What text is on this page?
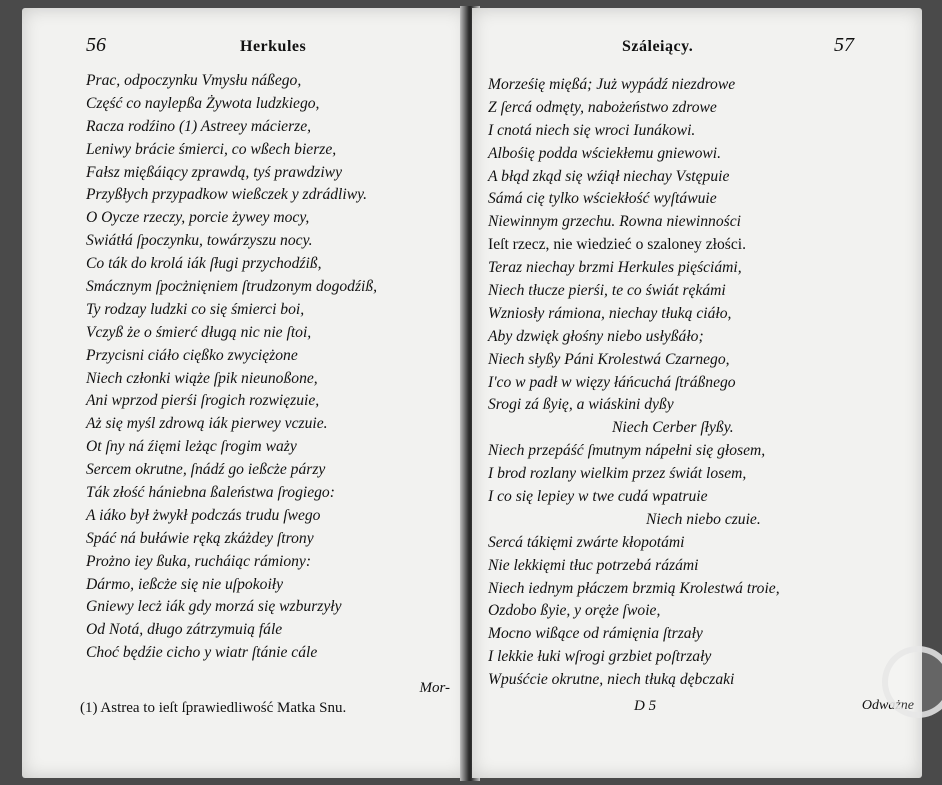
56	Herkules
Prac, odpoczynku Vmysłu náßego,
Część co naylepßa Żywota ludzkiego,
Racza rodźino (1) Astreey mácierze,
Leniwy brácie śmierci, co wßech bierze,
Fałsz mięßáiący zprawdą, tyś prawdziwy
Przyßłych przypadkow wießczek y zdrádliwy.
O Oycze rzeczy, porcie żywey mocy,
Swiátłá ſpoczynku, towárzyszu nocy.
Co ták do krolá iák ſługi przychodźiß,
Smácznym ſpocżnięniem ſtrudzonym dogodźiß,
Ty rodzay ludzki co się śmierci boi,
Vczyß że o śmierć długą nic nie ſtoi,
Przycisni ciáło cięßko zwyciężone
Niech członki wiąże ſpik nieunoßone,
Ani wprzod pierśi ſrogich rozwięzuie,
Aż się myśl zdrową iák pierwey vczuie.
Ot ſny ná źięmi leżąc ſrogim waży
Sercem okrutne, ſnádź go ießcże párzy
Ták złość hániebna ßaleństwa ſrogiego:
A iáko był żwykł podczás trudu ſwego
Spáć ná bułáwie ręką zkáżdey ſtrony
Prożno iey ßuka, rucháiąc rámiony:
Dármo, ießcże się nie uſpokoiły
Gniewy lecż iák gdy morzá się wzburzyły
Od Notá, długo zátrzymuią fále
Choć będźie cicho y wiatr ſtánie cále
Mor-
(1) Astrea to ieſt ſprawiedliwość Matka Snu.
Száleiący.	57
Morześię mięßá; Już wypádź niezdrowe
Z ſercá odmęty, nabożeństwo zdrowe
I cnotá niech się wroci Iunákowi.
Albośię podda wściekłemu gniewowi.
A błąd zkąd się wźiął niechay Vstępuie
Sámá cię tylko wściekłość wyſtáwuie
Niewinnym grzechu. Rowna niewinności
Ieſt rzecz, nie wiedzieć o szaloney złości.
Teraz niechay brzmi Herkules pięściámi,
Niech tłucze pierśi, te co świát rękámi
Wzniosły rámiona, niechay tłuką ciáło,
Aby dzwięk głośny niebo usłyßáło;
Niech słyßy Páni Krolestwá Czarnego,
I'co w padł w więzy łáńcuchá ſtráßnego
Srogi zá ßyię, a wiáskini dyßy
Niech Cerber ſłyßy.
Niech przepáść ſmutnym nápełni się głosem,
I brod rozlany wielkim przez świát losem,
I co się lepiey w twe cudá wpatruie
Niech niebo czuie.
Sercá tákięmi zwárte kłopotámi
Nie lekkięmi tłuc potrzebá rázámi
Niech iednym płáczem brzmią Krolestwá troie,
Ozdobo ßyie, y oręże ſwoie,
Mocno wißące od rámięnia ſtrzały
I lekkie łuki wſrogi grzbiet poſtrzały
Wpuśćcie okrutne, niech tłuką dębczaki
D 5	Odważne
